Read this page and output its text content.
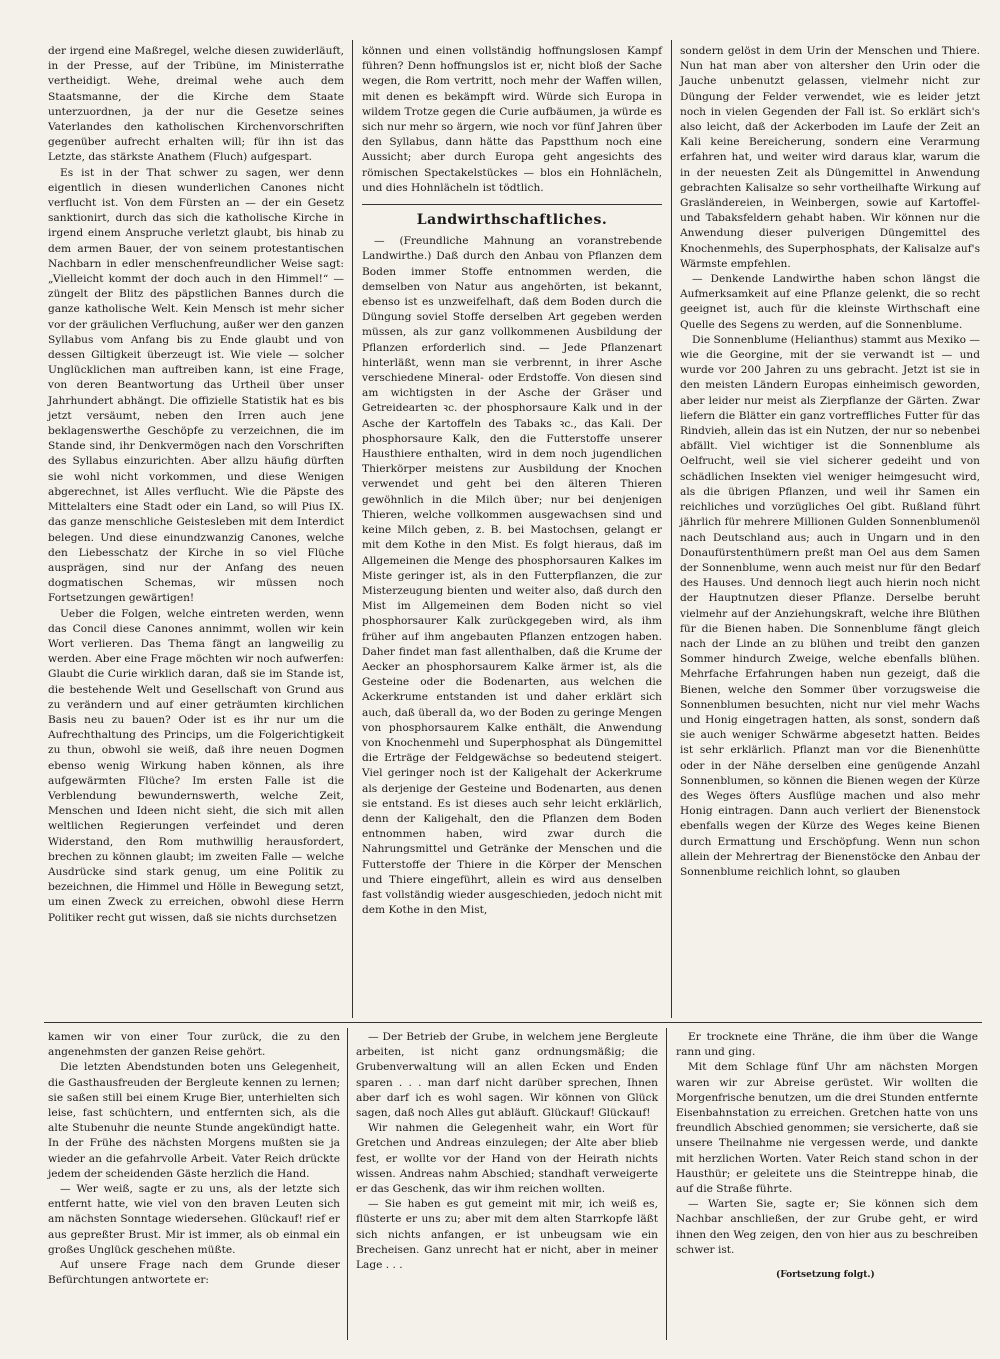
der irgend eine Maßregel, welche diesen zuwiderläuft, in der Presse, auf der Tribüne, im Ministerrathe vertheidigt. Wehe, dreimal wehe auch dem Staatsmanne, der die Kirche dem Staate unterzuordnen, ja der nur die Gesetze seines Vaterlandes den katholischen Kirchenvorschriften gegenüber aufrecht erhalten will; für ihn ist das Letzte, das stärkste Anathem (Fluch) aufgespart.

Es ist in der That schwer zu sagen, wer denn eigentlich in diesen wunderlichen Canones nicht verflucht ist. Von dem Fürsten an — der ein Gesetz sanktionirt, durch das sich die katholische Kirche in irgend einem Anspruche verletzt glaubt, bis hinab zu dem armen Bauer, der von seinem protestantischen Nachbarn in edler menschenfreundlicher Weise sagt: „Vielleicht kommt der doch auch in den Himmel!“ — züngelt der Blitz des päpstlichen Bannes durch die ganze katholische Welt. Kein Mensch ist mehr sicher vor der gräulichen Verfluchung, außer wer den ganzen Syllabus vom Anfang bis zu Ende glaubt und von dessen Giltigkeit überzeugt ist. Wie viele — solcher Unglücklichen man auftreiben kann, ist eine Frage, von deren Beantwortung das Urtheil über unser Jahrhundert abhängt. Die offizielle Statistik hat es bis jetzt versäumt, neben den Irren auch jene beklagenswerthe Geschöpfe zu verzeichnen, die im Stande sind, ihr Denkvermögen nach den Vorschriften des Syllabus einzurichten. Aber allzu häufig dürften sie wohl nicht vorkommen, und diese Wenigen abgerechnet, ist Alles verflucht. Wie die Päpste des Mittelalters eine Stadt oder ein Land, so will Pius IX. das ganze menschliche Geistesleben mit dem Interdict belegen. Und diese einundzwanzig Canones, welche den Liebesschatz der Kirche in so viel Flüche ausprägen, sind nur der Anfang des neuen dogmatischen Schemas, wir müssen noch Fortsetzungen gewärtigen!

Ueber die Folgen, welche eintreten werden, wenn das Concil diese Canones annimmt, wollen wir kein Wort verlieren. Das Thema fängt an langweilig zu werden. Aber eine Frage möchten wir noch aufwerfen: Glaubt die Curie wirklich daran, daß sie im Stande ist, die bestehende Welt und Gesellschaft von Grund aus zu verändern und auf einer geträumten kirchlichen Basis neu zu bauen? Oder ist es ihr nur um die Aufrechthaltung des Princips, um die Folgerichtigkeit zu thun, obwohl sie weiß, daß ihre neuen Dogmen ebenso wenig Wirkung haben können, als ihre aufgewärmten Flüche? Im ersten Falle ist die Verblendung bewundernswerth, welche Zeit, Menschen und Ideen nicht sieht, die sich mit allen weltlichen Regierungen verfeindet und deren Widerstand, den Rom muthwillig herausfordert, brechen zu können glaubt; im zweiten Falle — welche Ausdrücke sind stark genug, um eine Politik zu bezeichnen, die Himmel und Hölle in Bewegung setzt, um einen Zweck zu erreichen, obwohl diese Herrn Politiker recht gut wissen, daß sie nichts durchsetzen

können und einen vollständig hoffnungslosen Kampf führen? Denn hoffnungslos ist er, nicht bloß der Sache wegen, die Rom vertritt, noch mehr der Waffen willen, mit denen es bekämpft wird. Würde sich Europa in wildem Trotze gegen die Curie aufbäumen, ja würde es sich nur mehr so ärgern, wie noch vor fünf Jahren über den Syllabus, dann hätte das Papstthum noch eine Aussicht; aber durch Europa geht angesichts des römischen Spectakelstückes — blos ein Hohnlächeln, und dies Hohnlächeln ist tödtlich.

Landwirthschaftliches.

— (Freundliche Mahnung an voranstrebende Landwirthe.) Daß durch den Anbau von Pflanzen dem Boden immer Stoffe entnommen werden, die demselben von Natur aus angehörten, ist bekannt, ebenso ist es unzweifelhaft, daß dem Boden durch die Düngung soviel Stoffe derselben Art gegeben werden müssen, als zur ganz vollkommenen Ausbildung der Pflanzen erforderlich sind. — Jede Pflanzenart hinterläßt, wenn man sie verbrennt, in ihrer Asche verschiedene Mineral- oder Erdstoffe. Von diesen sind am wichtigsten in der Asche der Gräser und Getreidearten ꝛc. der phosphorsaure Kalk und in der Asche der Kartoffeln des Tabaks ꝛc., das Kali. Der phosphorsaure Kalk, den die Futterstoffe unserer Hausthiere enthalten, wird in dem noch jugendlichen Thierkörper meistens zur Ausbildung der Knochen verwendet und geht bei den älteren Thieren gewöhnlich in die Milch über; nur bei denjenigen Thieren, welche vollkommen ausgewachsen sind und keine Milch geben, z. B. bei Mastochsen, gelangt er mit dem Kothe in den Mist. Es folgt hieraus, daß im Allgemeinen die Menge des phosphorsauren Kalkes im Miste geringer ist, als in den Futterpflanzen, die zur Misterzeugung bienten und weiter also, daß durch den Mist im Allgemeinen dem Boden nicht so viel phosphorsaurer Kalk zurückgegeben wird, als ihm früher auf ihm angebauten Pflanzen entzogen haben. Daher findet man fast allenthalben, daß die Krume der Aecker an phosphorsaurem Kalke ärmer ist, als die Gesteine oder die Bodenarten, aus welchen die Ackerkrume entstanden ist und daher erklärt sich auch, daß überall da, wo der Boden zu geringe Mengen von phosphorsaurem Kalke enthält, die Anwendung von Knochenmehl und Superphosphat als Düngemittel die Erträge der Feldgewächse so bedeutend steigert. Viel geringer noch ist der Kaligehalt der Ackerkrume als derjenige der Gesteine und Bodenarten, aus denen sie entstand. Es ist dieses auch sehr leicht erklärlich, denn der Kaligehalt, den die Pflanzen dem Boden entnommen haben, wird zwar durch die Nahrungsmittel und Getränke der Menschen und die Futterstoffe der Thiere in die Körper der Menschen und Thiere eingeführt, allein es wird aus denselben fast vollständig wieder ausgeschieden, jedoch nicht mit dem Kothe in den Mist,

sondern gelöst in dem Urin der Menschen und Thiere. Nun hat man aber von altersher den Urin oder die Jauche unbenutzt gelassen, vielmehr nicht zur Düngung der Felder verwendet, wie es leider jetzt noch in vielen Gegenden der Fall ist. So erklärt sich's also leicht, daß der Ackerboden im Laufe der Zeit an Kali keine Bereicherung, sondern eine Verarmung erfahren hat, und weiter wird daraus klar, warum die in der neuesten Zeit als Düngemittel in Anwendung gebrachten Kalisalze so sehr vortheilhafte Wirkung auf Grasländereien, in Weinbergen, sowie auf Kartoffel- und Tabaksfeldern gehabt haben. Wir können nur die Anwendung dieser pulverigen Düngemittel des Knochenmehls, des Superphosphats, der Kalisalze auf's Wärmste empfehlen.

— Denkende Landwirthe haben schon längst die Aufmerksamkeit auf eine Pflanze gelenkt, die so recht geeignet ist, auch für die kleinste Wirthschaft eine Quelle des Segens zu werden, auf die Sonnenblume.

Die Sonnenblume (Helianthus) stammt aus Mexiko — wie die Georgine, mit der sie verwandt ist — und wurde vor 200 Jahren zu uns gebracht. Jetzt ist sie in den meisten Ländern Europas einheimisch geworden, aber leider nur meist als Zierpflanze der Gärten. Zwar liefern die Blätter ein ganz vortreffliches Futter für das Rindvieh, allein das ist ein Nutzen, der nur so nebenbei abfällt. Viel wichtiger ist die Sonnenblume als Oelfrucht, weil sie viel sicherer gedeiht und von schädlichen Insekten viel weniger heimgesucht wird, als die übrigen Pflanzen, und weil ihr Samen ein reichliches und vorzügliches Oel gibt. Rußland führt jährlich für mehrere Millionen Gulden Sonnenblumenöl nach Deutschland aus; auch in Ungarn und in den Donaufürstenthümern preßt man Oel aus dem Samen der Sonnenblume, wenn auch meist nur für den Bedarf des Hauses. Und dennoch liegt auch hierin noch nicht der Hauptnutzen dieser Pflanze. Derselbe beruht vielmehr auf der Anziehungskraft, welche ihre Blüthen für die Bienen haben. Die Sonnenblume fängt gleich nach der Linde an zu blühen und treibt den ganzen Sommer hindurch Zweige, welche ebenfalls blühen. Mehrfache Erfahrungen haben nun gezeigt, daß die Bienen, welche den Sommer über vorzugsweise die Sonnenblumen besuchten, nicht nur viel mehr Wachs und Honig eingetragen hatten, als sonst, sondern daß sie auch weniger Schwärme abgesetzt hatten. Beides ist sehr erklärlich. Pflanzt man vor die Bienenhütte oder in der Nähe derselben eine genügende Anzahl Sonnenblumen, so können die Bienen wegen der Kürze des Weges öfters Ausflüge machen und also mehr Honig eintragen. Dann auch verliert der Bienenstock ebenfalls wegen der Kürze des Weges keine Bienen durch Ermattung und Erschöpfung. Wenn nun schon allein der Mehrertrag der Bienenstöcke den Anbau der Sonnenblume reichlich lohnt, so glauben

kamen wir von einer Tour zurück, die zu den angenehmsten der ganzen Reise gehört.

Die letzten Abendstunden boten uns Gelegenheit, die Gasthausfreuden der Bergleute kennen zu lernen; sie saßen still bei einem Kruge Bier, unterhielten sich leise, fast schüchtern, und entfernten sich, als die alte Stubenuhr die neunte Stunde angekündigt hatte. In der Frühe des nächsten Morgens mußten sie ja wieder an die gefahrvolle Arbeit. Vater Reich drückte jedem der scheidenden Gäste herzlich die Hand.

— Wer weiß, sagte er zu uns, als der letzte sich entfernt hatte, wie viel von den braven Leuten sich am nächsten Sonntage wiedersehen. Glückauf! rief er aus gepreßter Brust. Mir ist immer, als ob einmal ein großes Unglück geschehen müßte.

Auf unsere Frage nach dem Grunde dieser Befürchtungen antwortete er:

— Der Betrieb der Grube, in welchem jene Bergleute arbeiten, ist nicht ganz ordnungsmäßig; die Grubenverwaltung will an allen Ecken und Enden sparen . . . man darf nicht darüber sprechen, Ihnen aber darf ich es wohl sagen. Wir können von Glück sagen, daß noch Alles gut abläuft. Glückauf! Glückauf!

Wir nahmen die Gelegenheit wahr, ein Wort für Gretchen und Andreas einzulegen; der Alte aber blieb fest, er wollte vor der Hand von der Heirath nichts wissen. Andreas nahm Abschied; standhaft verweigerte er das Geschenk, das wir ihm reichen wollten.

— Sie haben es gut gemeint mit mir, ich weiß es, flüsterte er uns zu; aber mit dem alten Starrkopfe läßt sich nichts anfangen, er ist unbeugsam wie ein Brecheisen. Ganz unrecht hat er nicht, aber in meiner Lage . . .

Er trocknete eine Thräne, die ihm über die Wange rann und ging.

Mit dem Schlage fünf Uhr am nächsten Morgen waren wir zur Abreise gerüstet. Wir wollten die Morgenfrische benutzen, um die drei Stunden entfernte Eisenbahnstation zu erreichen. Gretchen hatte von uns freundlich Abschied genommen; sie versicherte, daß sie unsere Theilnahme nie vergessen werde, und dankte mit herzlichen Worten. Vater Reich stand schon in der Hausthür; er geleitete uns die Steintreppe hinab, die auf die Straße führte.

— Warten Sie, sagte er; Sie können sich dem Nachbar anschließen, der zur Grube geht, er wird ihnen den Weg zeigen, den von hier aus zu beschreiben schwer ist.

(Fortsetzung folgt.)
